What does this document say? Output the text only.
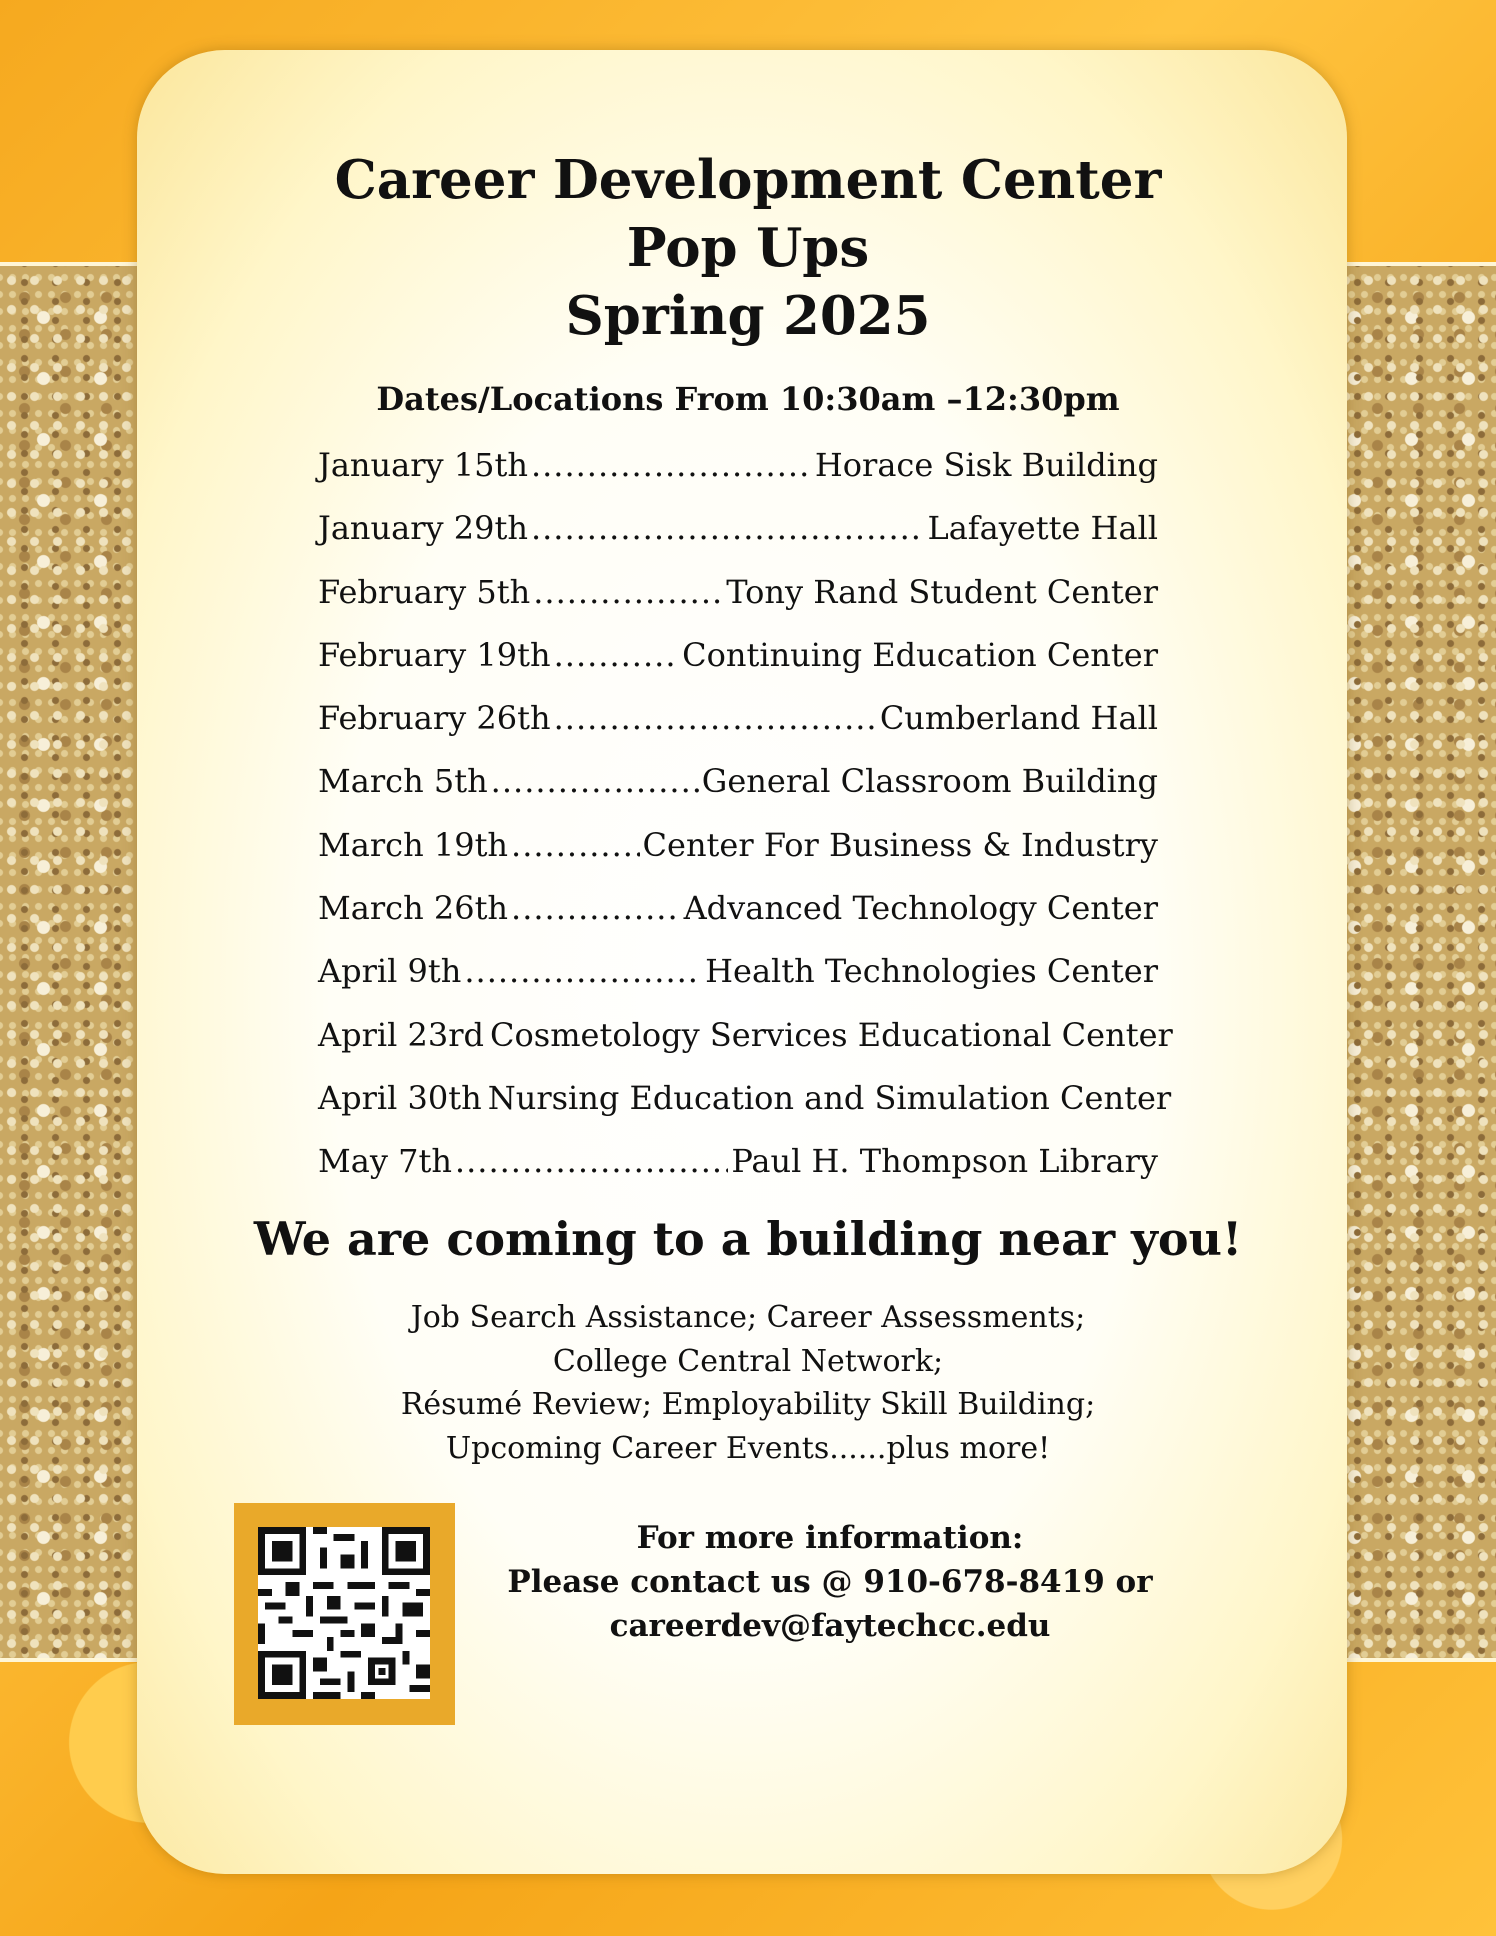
Career Development Center

Pop Ups

Spring 2025

Dates/Locations From 10:30am –12:30pm
January 15th .....	Horace Sisk Building
January 29th .....	Lafayette Hall
February 5th .....	Tony Rand Student Center
February 19th .....	Continuing Education Center
February 26th .....	Cumberland Hall
March 5th .....	General Classroom Building
March 19th .....	Center For Business & Industry
March 26th .....	Advanced Technology Center
April 9th .....	Health Technologies Center
April 23rd Cosmetology Services Educational Center
April 30th Nursing Education and Simulation Center
May 7th .....	Paul H. Thompson Library
We are coming to a building near you!
Job Search Assistance; Career Assessments;
College Central Network;
Résumé Review; Employability Skill Building;
Upcoming Career Events......plus more!
For more information:
Please contact us @ 910-678-8419 or
careerdev@faytechcc.edu
